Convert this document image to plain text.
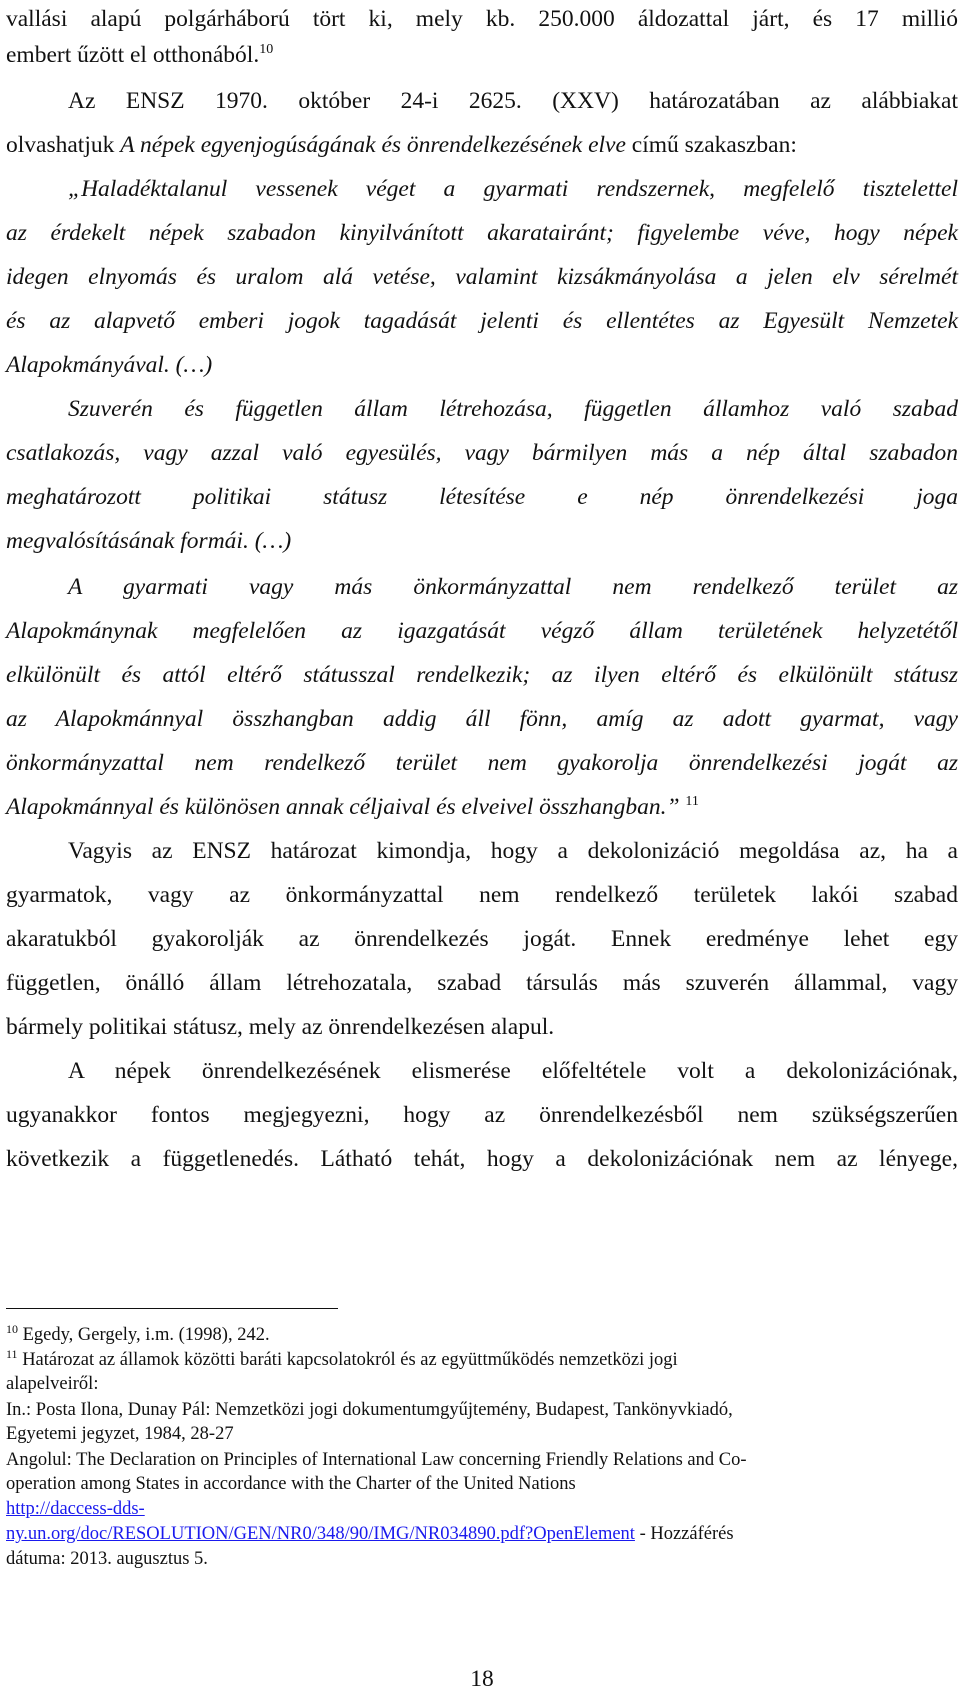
vallási alapú polgárháború tört ki, mely kb. 250.000 áldozattal járt, és 17 millió
embert űzött el otthonából.$^{10}$
Az ENSZ 1970. október 24-i 2625. (XXV) határozatában az alábbiakat
olvashatjuk A népek egyenjogúságának és önrendelkezésének elve című szakaszban:
„Haladéktalanul vessenek véget a gyarmati rendszernek, megfelelő tisztelettel
az érdekelt népek szabadon kinyilvánított akaratairánt; figyelembe véve, hogy népek
idegen elnyomás és uralom alá vetése, valamint kizsákmányolása a jelen elv sérelmét
és az alapvető emberi jogok tagadását jelenti és ellentétes az Egyesült Nemzetek
Alapokmányával. (…)
Szuverén és független állam létrehozása, független államhoz való szabad
csatlakozás, vagy azzal való egyesülés, vagy bármilyen más a nép által szabadon
meghatározott politikai státusz létesítése e nép önrendelkezési joga
megvalósításának formái. (…)
A gyarmati vagy más önkormányzattal nem rendelkező terület az
Alapokmánynak megfelelően az igazgatását végző állam területének helyzetétől
elkülönült és attól eltérő státusszal rendelkezik; az ilyen eltérő és elkülönült státusz
az Alapokmánnyal összhangban addig áll fönn, amíg az adott gyarmat, vagy
önkormányzattal nem rendelkező terület nem gyakorolja önrendelkezési jogát az
Alapokmánnyal és különösen annak céljaival és elveivel összhangban.” $^{11}$
Vagyis az ENSZ határozat kimondja, hogy a dekolonizáció megoldása az, ha a
gyarmatok, vagy az önkormányzattal nem rendelkező területek lakói szabad
akaratukból gyakorolják az önrendelkezés jogát. Ennek eredménye lehet egy
független, önálló állam létrehozatala, szabad társulás más szuverén állammal, vagy
bármely politikai státusz, mely az önrendelkezésen alapul.
A népek önrendelkezésének elismerése előfeltétele volt a dekolonizációnak,
ugyanakkor fontos megjegyezni, hogy az önrendelkezésből nem szükségszerűen
következik a függetlenedés. Látható tehát, hogy a dekolonizációnak nem az lényege,
$^{10}$ Egedy, Gergely, i.m. (1998), 242.
$^{11}$ Határozat az államok közötti baráti kapcsolatokról és az együttműködés nemzetközi jogi
alapelveiről:
In.: Posta Ilona, Dunay Pál: Nemzetközi jogi dokumentumgyűjtemény, Budapest, Tankönyvkiadó,
Egyetemi jegyzet, 1984, 28-27
Angolul: The Declaration on Principles of International Law concerning Friendly Relations and Co-
operation among States in accordance with the Charter of the United Nations
http://daccess-dds-
ny.un.org/doc/RESOLUTION/GEN/NR0/348/90/IMG/NR034890.pdf?OpenElement - Hozzáférés
dátuma: 2013. augusztus 5.
18
